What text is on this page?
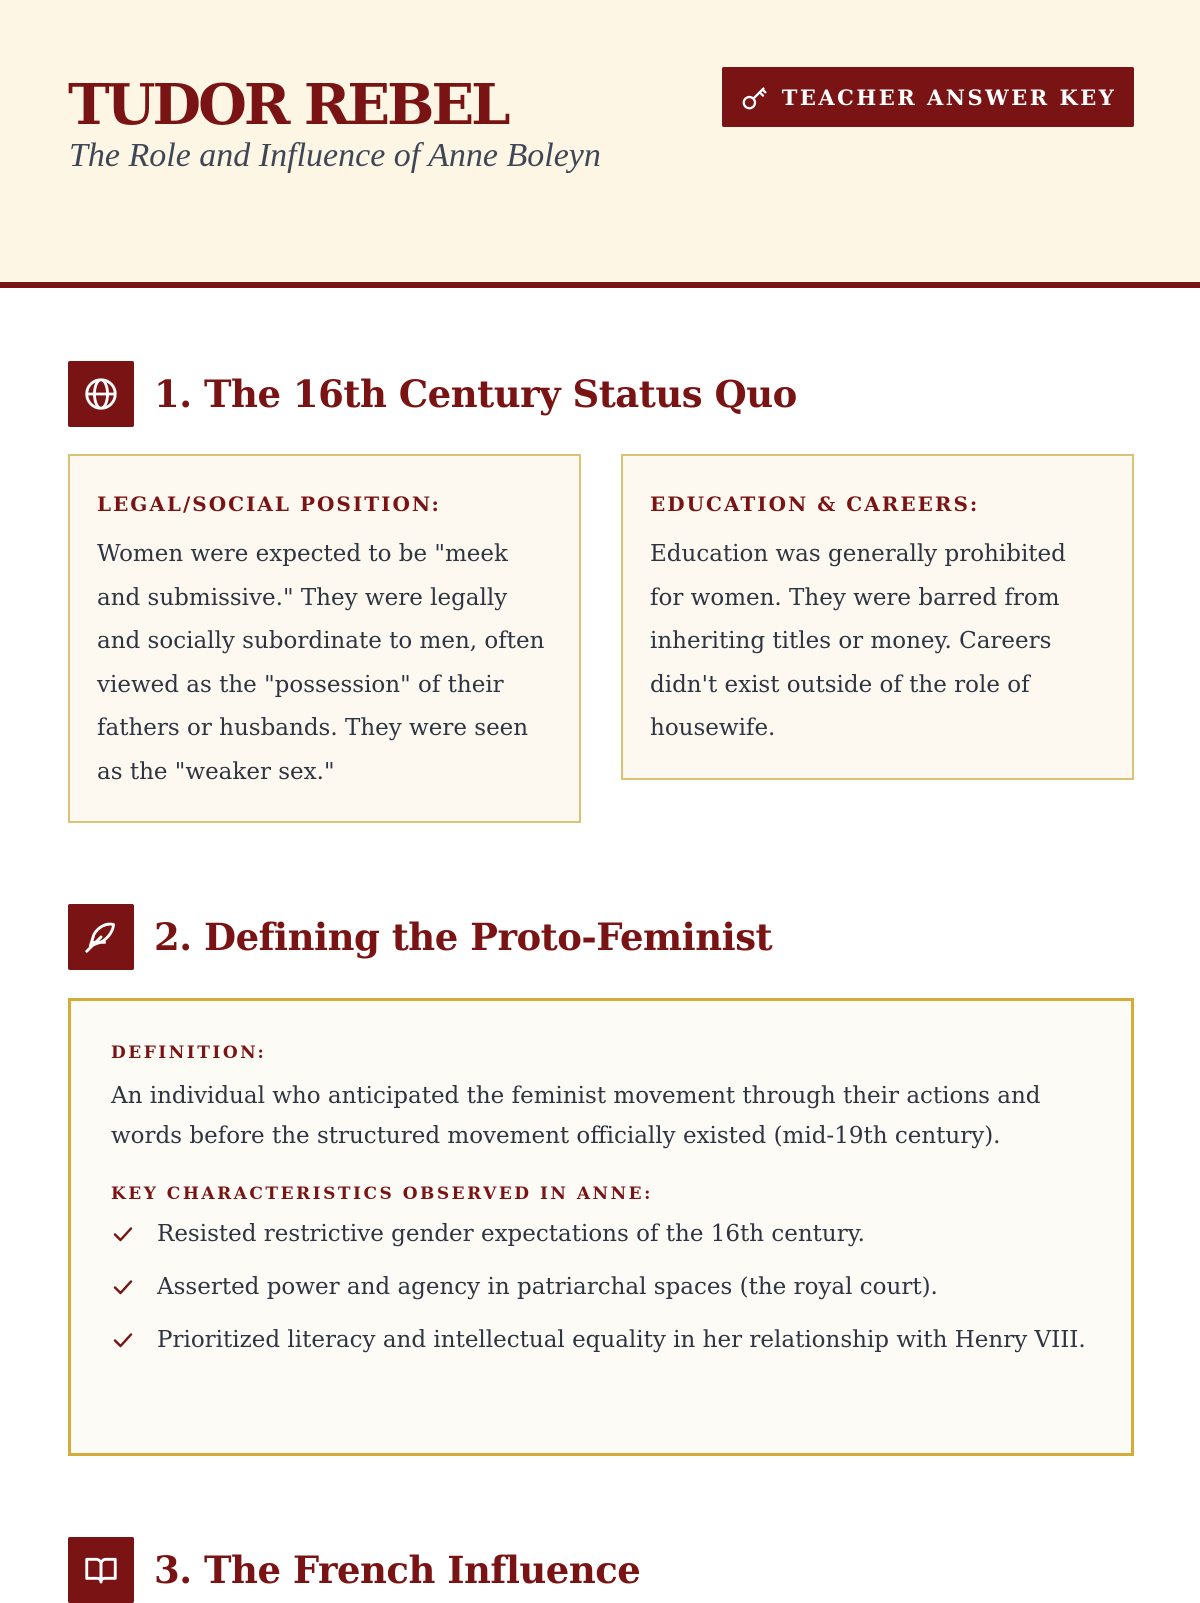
TUDOR REBEL

The Role and Influence of Anne Boleyn

TEACHER ANSWER KEY
1. The 16th Century Status Quo

LEGAL/SOCIAL POSITION:

Women were expected to be "meek and submissive." They were legally and socially subordinate to men, often viewed as the "possession" of their fathers or husbands. They were seen as the "weaker sex."

EDUCATION & CAREERS:

Education was generally prohibited for women. They were barred from inheriting titles or money. Careers didn't exist outside of the role of housewife.

2. Defining the Proto-Feminist

DEFINITION:

An individual who anticipated the feminist movement through their actions and words before the structured movement officially existed (mid-19th century).

KEY CHARACTERISTICS OBSERVED IN ANNE:

Resisted restrictive gender expectations of the 16th century.
Asserted power and agency in patriarchal spaces (the royal court).
Prioritized literacy and intellectual equality in her relationship with Henry VIII.
3. The French Influence
